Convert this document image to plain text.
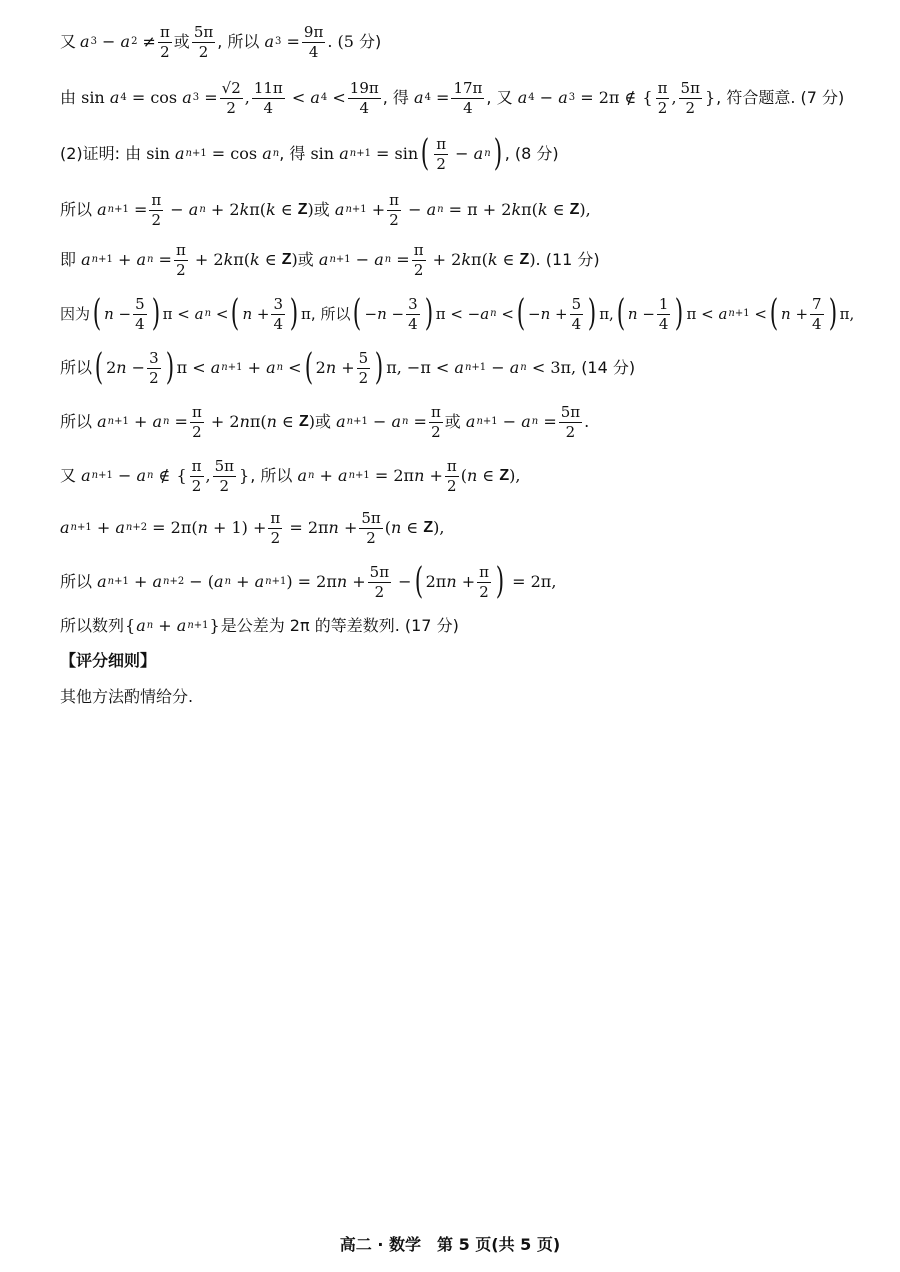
又 a 3 − a $2 \ne \frac{\pi}{2}$ 或 $\frac{5\pi}{2}$ , 所以
a $3 = \frac{9\pi}{4}$ . (5
分)
由 sin a 4 = cos a $3 = \frac{√2}{2}$ , $\frac{11\pi}{4} < a$ $4 < \frac{19\pi}{4}$ , 得
a $4 = \frac{17\pi}{4}$ , 又
a 4 − a 3 = 2π ∉ { $\frac{\pi}{2}$ , $\frac{5\pi}{2}$ } , 符合题意. (7 分)
(2)证明: 由 sin a n+1 = cos a n , 得 sin a n+1 = sin ( $\frac{\pi}{2} - a$ n ) , (8 分)
所以
a $n+1 = \frac{\pi}{2} - a$ n + 2 k π( k ∈ Z ) 或
a $n+1 + \frac{\pi}{2} - a$ n = π + 2 k π( k ∈ Z ),
即
a n+1 + a $n = \frac{\pi}{2} + 2$ k π( k ∈ Z ) 或
a n+1 − a $n = \frac{\pi}{2} + 2$ k π( k ∈ Z ). (11 分)
因为 ( $n - \frac{5}{4}$ ) π < a n < ( $n + \frac{3}{4}$ ) π , 所以 ( − $n - \frac{3}{4}$ ) π < − a n < ( − $n + \frac{5}{4}$ ) π, ( $n - \frac{1}{4}$ ) π < a n+1 < ( $n + \frac{7}{4}$ ) π,
所以 ( 2 $n - \frac{3}{2}$ ) π < a n+1 + a n < ( 2 $n + \frac{5}{2}$ ) π, −π < a n+1 − a n < 3π, (14 分)
所以
a n+1 + a $n = \frac{\pi}{2} + 2$ n π( n ∈ Z ) 或
a n+1 − a $n = \frac{\pi}{2}$ 或
a n+1 − a $n = \frac{5\pi}{2}$ .
又
a n+1 − a n ∉ { $\frac{\pi}{2}$ , $\frac{5\pi}{2}$ } , 所以
a n + a n+1 = 2π $n + \frac{\pi}{2}$ ( n ∈ Z ),
a n+1 + a n+2 = 2π( $n + 1) + \frac{\pi}{2} = 2\pi$ $n + \frac{5\pi}{2}$ ( n ∈ Z ),
所以
a n+1 + a n+2 − ( a n + a n+1 ) = 2π $n + \frac{5\pi}{2}$ − ( 2π $n + \frac{\pi}{2}$ ) = 2π,
所以数列 { a n + a n+1 } 是公差为 2π 的等差数列. (17 分)
【评分细则】
其他方法酌情给分.
高二 · 数学　第 5 页(共 5 页)
